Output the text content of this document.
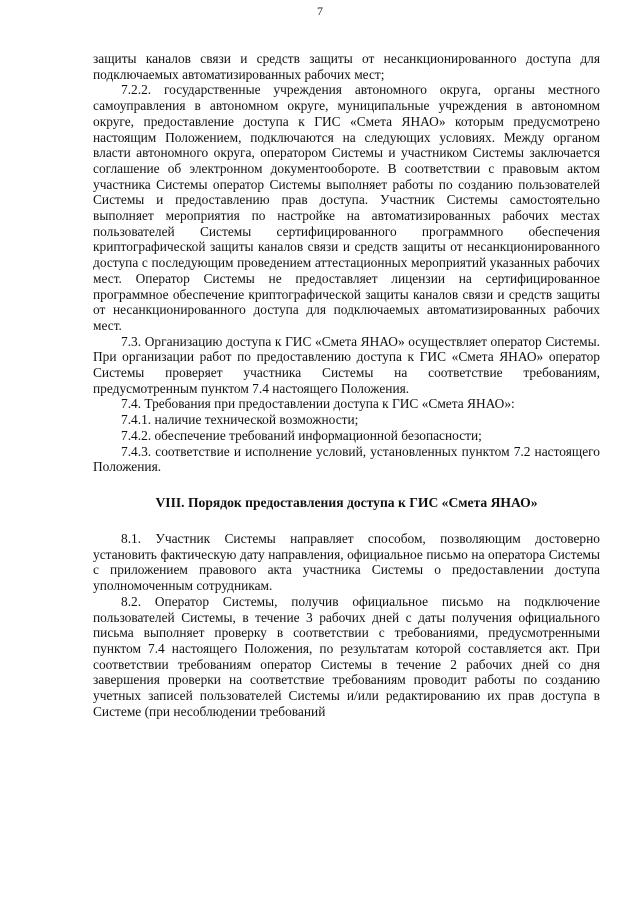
7

защиты каналов связи и средств защиты от несанкционированного доступа для подключаемых автоматизированных рабочих мест;

7.2.2. государственные учреждения автономного округа, органы местного самоуправления в автономном округе, муниципальные учреждения в автономном округе, предоставление доступа к ГИС «Смета ЯНАО» которым предусмотрено настоящим Положением, подключаются на следующих условиях. Между органом власти автономного округа, оператором Системы и участником Системы заключается соглашение об электронном документообороте. В соответствии с правовым актом участника Системы оператор Системы выполняет работы по созданию пользователей Системы и предоставлению прав доступа. Участник Системы самостоятельно выполняет мероприятия по настройке на автоматизированных рабочих местах пользователей Системы сертифицированного программного обеспечения криптографической защиты каналов связи и средств защиты от несанкционированного доступа с последующим проведением аттестационных мероприятий указанных рабочих мест. Оператор Системы не предоставляет лицензии на сертифицированное программное обеспечение криптографической защиты каналов связи и средств защиты от несанкционированного доступа для подключаемых автоматизированных рабочих мест.

7.3. Организацию доступа к ГИС «Смета ЯНАО» осуществляет оператор Системы. При организации работ по предоставлению доступа к ГИС «Смета ЯНАО» оператор Системы проверяет участника Системы на соответствие требованиям, предусмотренным пунктом 7.4 настоящего Положения.

7.4. Требования при предоставлении доступа к ГИС «Смета ЯНАО»:

7.4.1. наличие технической возможности;

7.4.2. обеспечение требований информационной безопасности;

7.4.3. соответствие и исполнение условий, установленных пунктом 7.2 настоящего Положения.

VIII. Порядок предоставления доступа к ГИС «Смета ЯНАО»

8.1. Участник Системы направляет способом, позволяющим достоверно установить фактическую дату направления, официальное письмо на оператора Системы с приложением правового акта участника Системы о предоставлении доступа уполномоченным сотрудникам.

8.2. Оператор Системы, получив официальное письмо на подключение пользователей Системы, в течение 3 рабочих дней с даты получения официального письма выполняет проверку в соответствии с требованиями, предусмотренными пунктом 7.4 настоящего Положения, по результатам которой составляется акт. При соответствии требованиям оператор Системы в течение 2 рабочих дней со дня завершения проверки на соответствие требованиям проводит работы по созданию учетных записей пользователей Системы и/или редактированию их прав доступа в Системе (при несоблюдении требований
